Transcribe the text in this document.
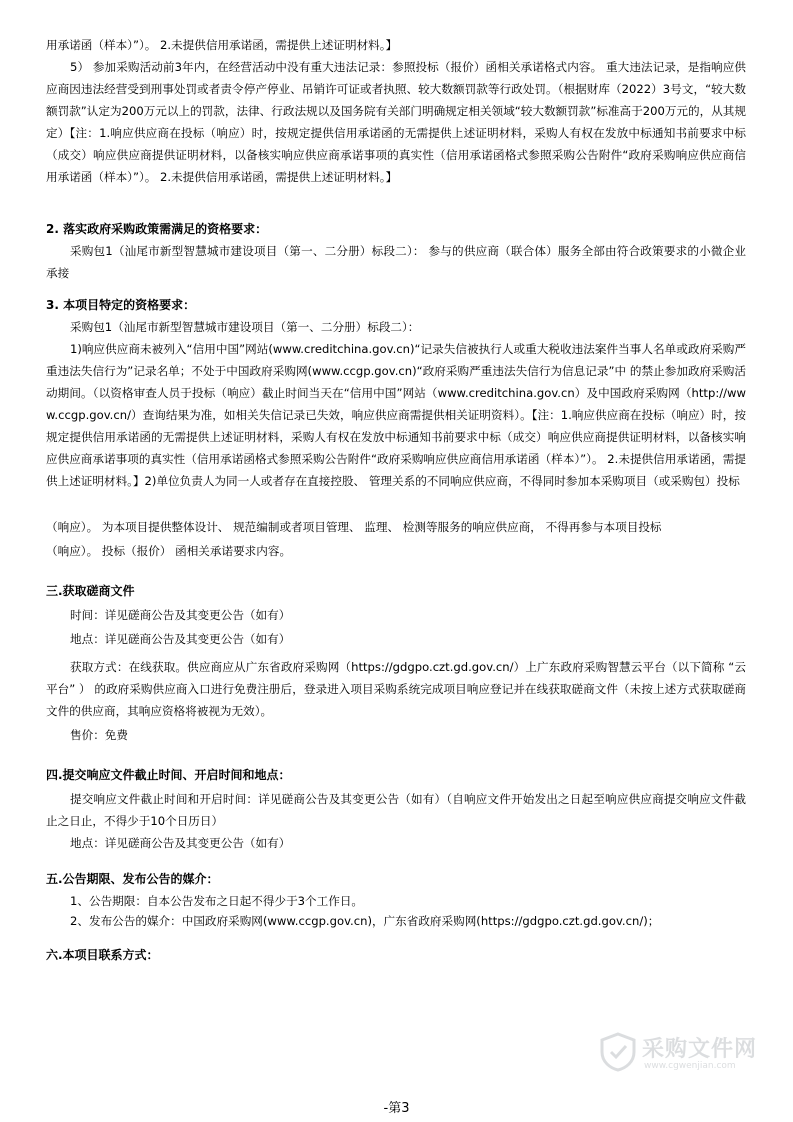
用承诺函（样本）”）。 2.未提供信用承诺函，需提供上述证明材料。】

5） 参加采购活动前3年内，在经营活动中没有重大违法记录：参照投标（报价）函相关承诺格式内容。 重大违法记录，是指响应供应商因违法经营受到刑事处罚或者责令停产停业、吊销许可证或者执照、较大数额罚款等行政处罚。（根据财库（2022）3号文，“较大数额罚款”认定为200万元以上的罚款，法律、行政法规以及国务院有关部门明确规定相关领域“较大数额罚款”标准高于200万元的，从其规定）【注：1.响应供应商在投标（响应）时，按规定提供信用承诺函的无需提供上述证明材料，采购人有权在发放中标通知书前要求中标（成交）响应供应商提供证明材料，以备核实响应供应商承诺事项的真实性（信用承诺函格式参照采购公告附件“政府采购响应供应商信用承诺函（样本）”）。 2.未提供信用承诺函，需提供上述证明材料。】

2. 落实政府采购政策需满足的资格要求：

采购包1（汕尾市新型智慧城市建设项目（第一、二分册）标段二）： 参与的供应商（联合体）服务全部由符合政策要求的小微企业承接

3. 本项目特定的资格要求：

采购包1（汕尾市新型智慧城市建设项目（第一、二分册）标段二）：

1)响应供应商未被列入“信用中国”网站(www.creditchina.gov.cn)“记录失信被执行人或重大税收违法案件当事人名单或政府采购严重违法失信行为”记录名单；不处于中国政府采购网(www.ccgp.gov.cn)“政府采购严重违法失信行为信息记录”中 的禁止参加政府采购活动期间。（以资格审查人员于投标（响应）截止时间当天在“信用中国”网站（www.creditchina.gov.cn）及中国政府采购网（http://www.ccgp.gov.cn/）查询结果为准，如相关失信记录已失效，响应供应商需提供相关证明资料）。【注：1.响应供应商在投标（响应）时，按规定提供信用承诺函的无需提供上述证明材料，采购人有权在发放中标通知书前要求中标（成交）响应供应商提供证明材料，以备核实响应供应商承诺事项的真实性（信用承诺函格式参照采购公告附件“政府采购响应供应商信用承诺函（样本）”）。 2.未提供信用承诺函，需提供上述证明材料。】2)单位负责人为同一人或者存在直接控股、 管理关系的不同响应供应商，不得同时参加本采购项目（或采购包）投标

（响应）。 为本项目提供整体设计、 规范编制或者项目管理、 监理、 检测等服务的响应供应商， 不得再参与本项目投标

（响应）。 投标（报价） 函相关承诺要求内容。

三.获取磋商文件

时间：详见磋商公告及其变更公告（如有）

地点：详见磋商公告及其变更公告（如有）

获取方式：在线获取。供应商应从广东省政府采购网（https://gdgpo.czt.gd.gov.cn/）上广东政府采购智慧云平台（以下简称 “云平台” ） 的政府采购供应商入口进行免费注册后，登录进入项目采购系统完成项目响应登记并在线获取磋商文件（未按上述方式获取磋商文件的供应商，其响应资格将被视为无效）。

售价：免费

四.提交响应文件截止时间、开启时间和地点：

提交响应文件截止时间和开启时间：详见磋商公告及其变更公告（如有）（自响应文件开始发出之日起至响应供应商提交响应文件截止之日止，不得少于10个日历日）

地点：详见磋商公告及其变更公告（如有）

五.公告期限、发布公告的媒介：

1、公告期限：自本公告发布之日起不得少于3个工作日。

2、发布公告的媒介：中国政府采购网(www.ccgp.gov.cn)，广东省政府采购网(https://gdgpo.czt.gd.gov.cn/)；

六.本项目联系方式：

采购文件网
www.cgwenjian.com
-第3
